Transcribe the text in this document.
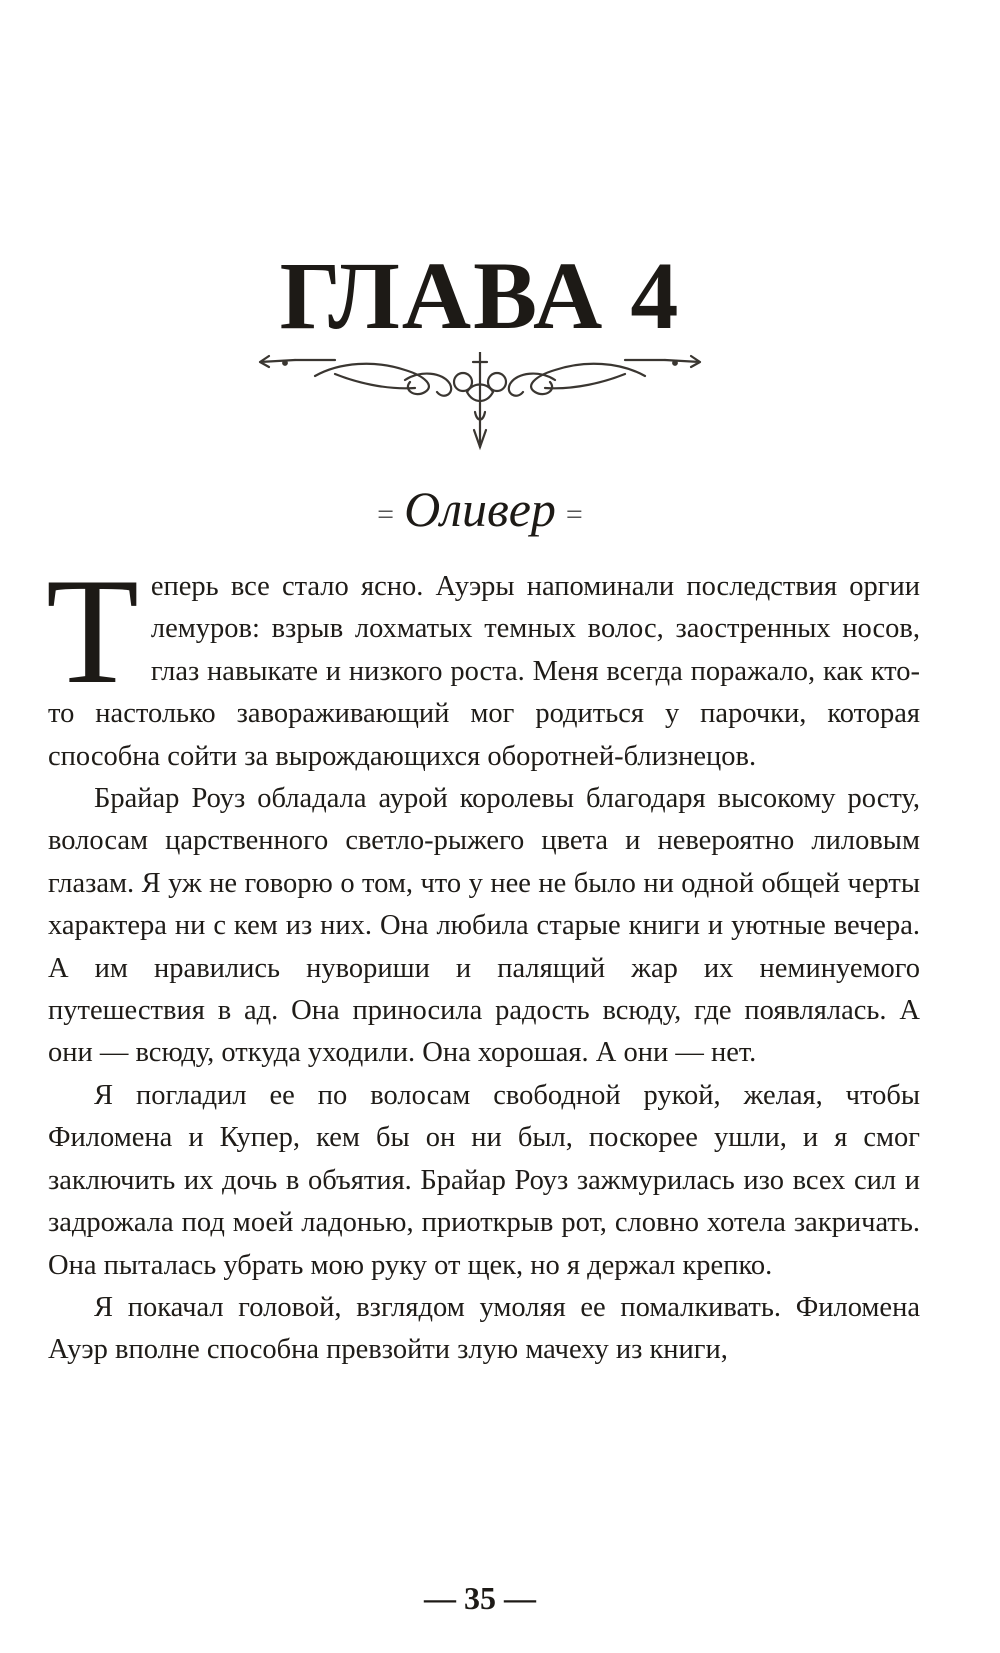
ГЛАВА 4
= Оливер =

Теперь все стало ясно. Ауэры напоминали последствия оргии лемуров: взрыв лохматых темных волос, заостренных носов, глаз навыкате и низкого роста. Меня всегда поражало, как кто-то настолько завораживающий мог родиться у парочки, которая способна сойти за вырождающихся оборотней-близнецов.

Брайар Роуз обладала аурой королевы благодаря высокому росту, волосам царственного светло-рыжего цвета и невероятно лиловым глазам. Я уж не говорю о том, что у нее не было ни одной общей черты характера ни с кем из них. Она любила старые книги и уютные вечера. А им нравились нувориши и палящий жар их неминуемого путешествия в ад. Она приносила радость всюду, где появлялась. А они — всюду, откуда уходили. Она хорошая. А они — нет.

Я погладил ее по волосам свободной рукой, желая, чтобы Филомена и Купер, кем бы он ни был, поскорее ушли, и я смог заключить их дочь в объятия. Брайар Роуз зажмурилась изо всех сил и задрожала под моей ладонью, приоткрыв рот, словно хотела закричать. Она пыталась убрать мою руку от щек, но я держал крепко.

Я покачал головой, взглядом умоляя ее помалкивать. Филомена Ауэр вполне способна превзойти злую мачеху из книги,

— 35 —
